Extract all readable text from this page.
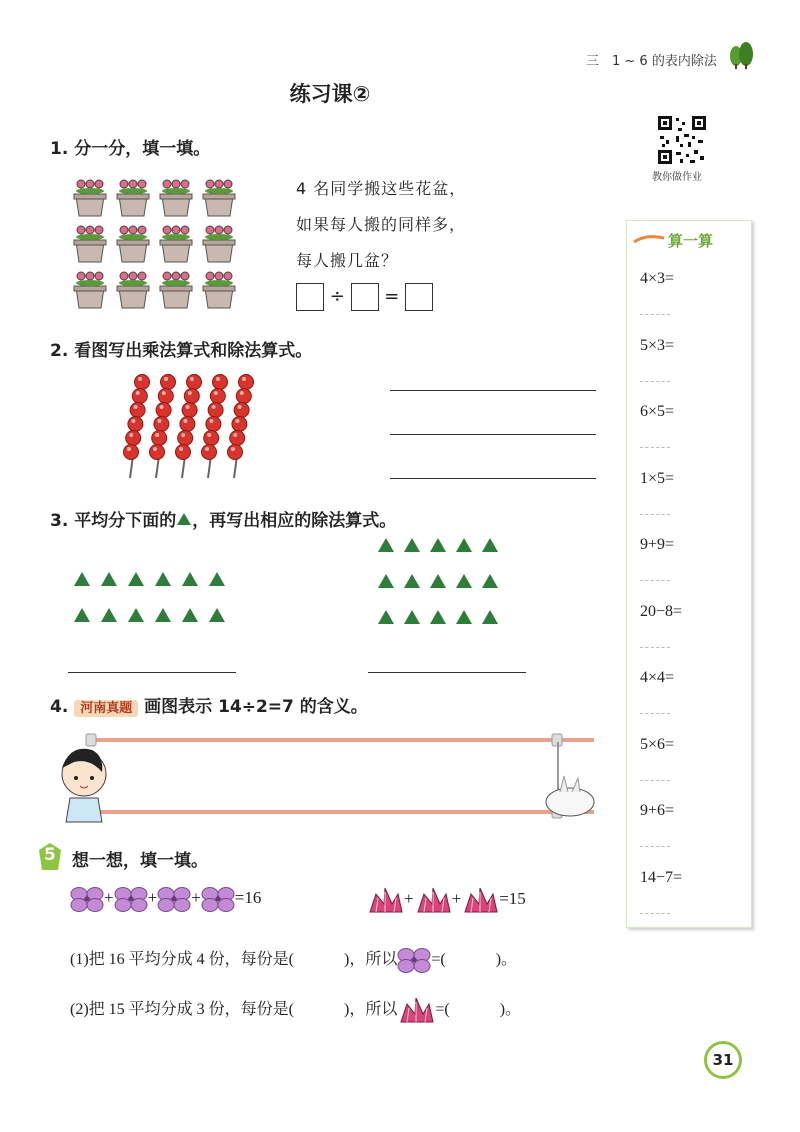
三　1 ~ 6 的表内除法
练习课②
教你做作业
算一算
4×3=
5×3=
6×5=
1×5=
9+9=
20−8=
4×4=
5×6=
9+6=
14−7=
1. 分一分，填一填。
4 名同学搬这些花盆，
如果每人搬的同样多，
每人搬几盆？
÷ =
2. 看图写出乘法算式和除法算式。
3. 平均分下面的 ，再写出相应的除法算式。
4. 河南真题 画图表示 14÷2=7 的含义。
5 想一想，填一填。
+ + + =16	+ + =15
(1)把 16 平均分成 4 份，每份是(	)，所以 =(	)。
(2)把 15 平均分成 3 份，每份是(	)，所以 =(	)。
31
